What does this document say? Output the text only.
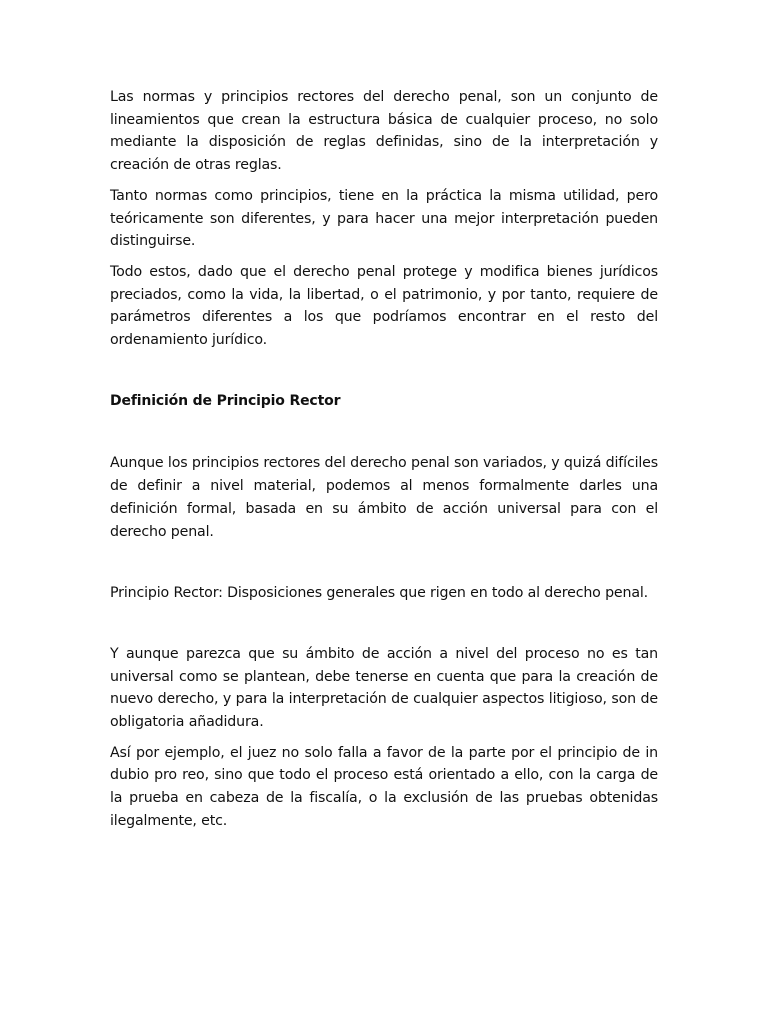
Las normas y principios rectores del derecho penal, son un conjunto de lineamientos que crean la estructura básica de cualquier proceso, no solo mediante la disposición de reglas definidas, sino de la interpretación y creación de otras reglas.

Tanto normas como principios, tiene en la práctica la misma utilidad, pero teóricamente son diferentes, y para hacer una mejor interpretación pueden distinguirse.

Todo estos, dado que el derecho penal protege y modifica bienes jurídicos preciados, como la vida, la libertad, o el patrimonio, y por tanto, requiere de parámetros diferentes a los que podríamos encontrar en el resto del ordenamiento jurídico.

Definición de Principio Rector

Aunque los principios rectores del derecho penal son variados, y quizá difíciles de definir a nivel material, podemos al menos formalmente darles una definición formal, basada en su ámbito de acción universal para con el derecho penal.

Principio Rector: Disposiciones generales que rigen en todo al derecho penal.

Y aunque parezca que su ámbito de acción a nivel del proceso no es tan universal como se plantean, debe tenerse en cuenta que para la creación de nuevo derecho, y para la interpretación de cualquier aspectos litigioso, son de obligatoria añadidura.

Así por ejemplo, el juez no solo falla a favor de la parte por el principio de in dubio pro reo, sino que todo el proceso está orientado a ello, con la carga de la prueba en cabeza de la fiscalía, o la exclusión de las pruebas obtenidas ilegalmente, etc.
